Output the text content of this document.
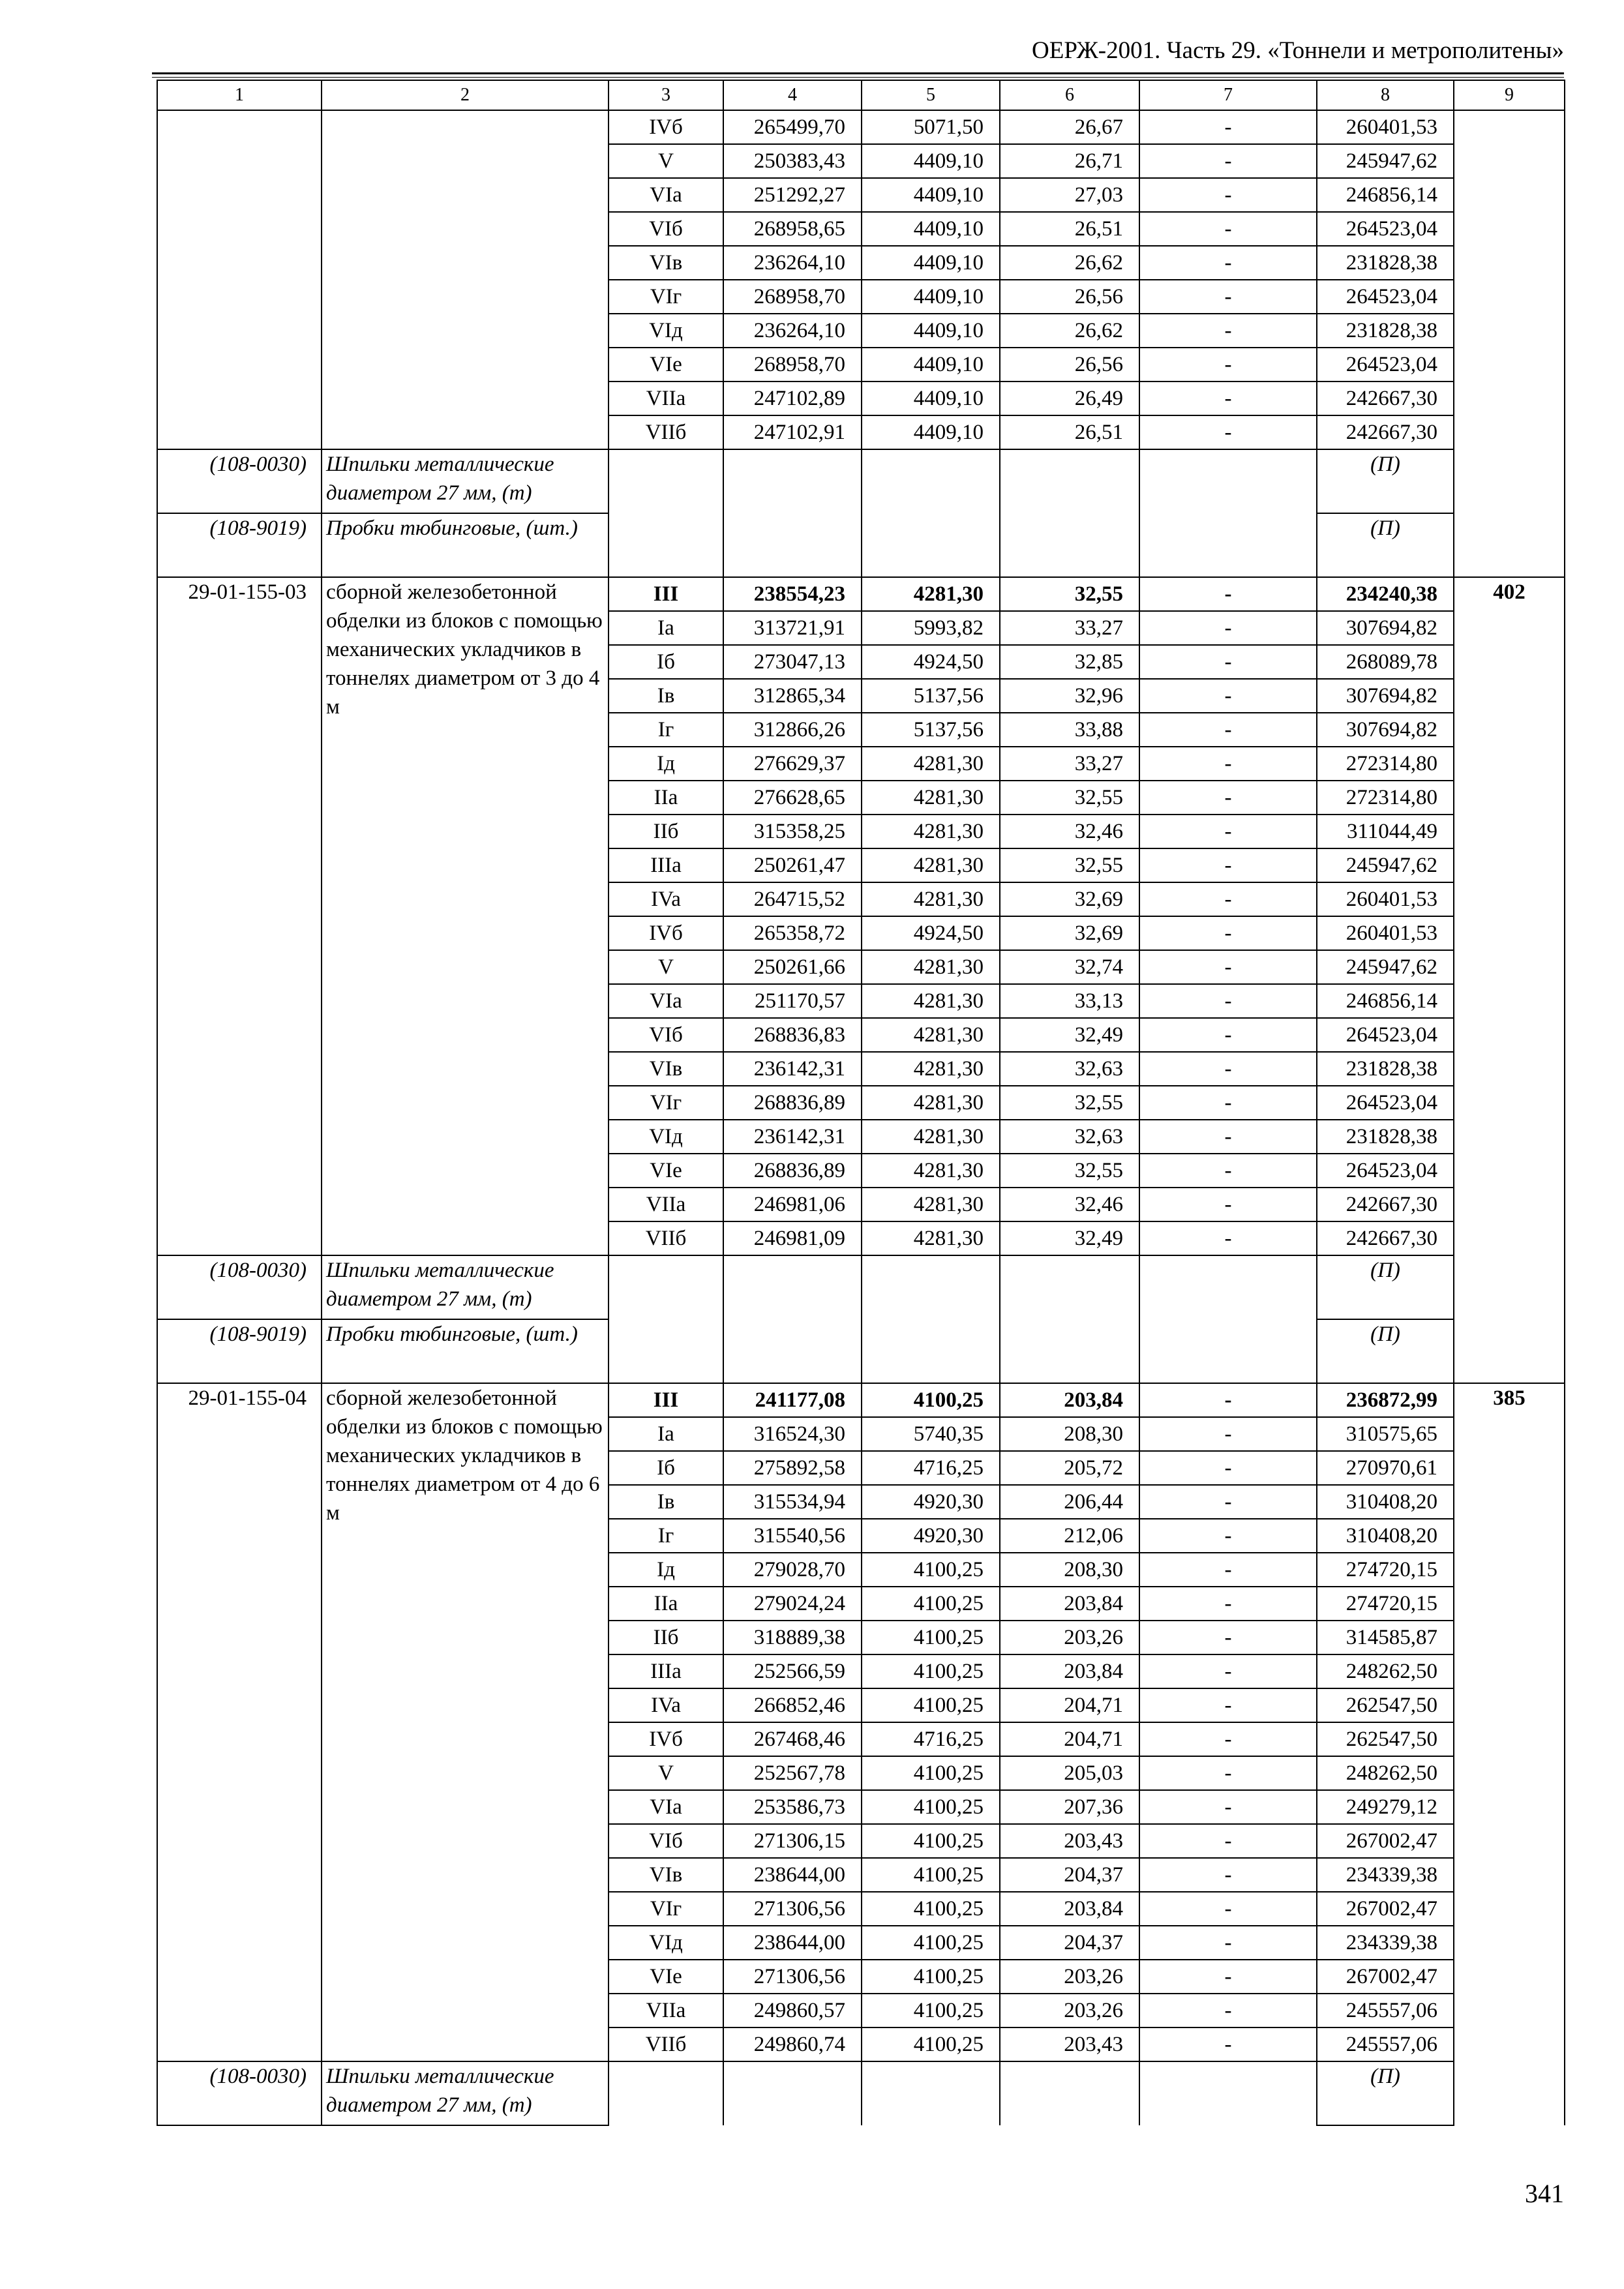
ОЕРЖ-2001. Часть 29. «Тоннели и метрополитены»
1	2	3	4	5	6	7	8	9
		IVб	265499,70	5071,50	26,67	-	260401,53	
		V	250383,43	4409,10	26,71	-	245947,62	
		VIa	251292,27	4409,10	27,03	-	246856,14	
		VIб	268958,65	4409,10	26,51	-	264523,04	
		VIв	236264,10	4409,10	26,62	-	231828,38	
		VIг	268958,70	4409,10	26,56	-	264523,04	
		VIд	236264,10	4409,10	26,62	-	231828,38	
		VIе	268958,70	4409,10	26,56	-	264523,04	
		VIIа	247102,89	4409,10	26,49	-	242667,30	
		VIIб	247102,91	4409,10	26,51	-	242667,30	
(108-0030)	Шпильки металлические диаметром 27 мм, (т)						(П)	
(108-9019)	Пробки тюбинговые, (шт.)						(П)	
29-01-155-03	сборной железобетонной обделки из блоков с помощью механических укладчиков в тоннелях диаметром от 3 до 4 м	III	238554,23	4281,30	32,55	-	234240,38	402
		Ia	313721,91	5993,82	33,27	-	307694,82	
		Iб	273047,13	4924,50	32,85	-	268089,78	
		Iв	312865,34	5137,56	32,96	-	307694,82	
		Iг	312866,26	5137,56	33,88	-	307694,82	
		Iд	276629,37	4281,30	33,27	-	272314,80	
		IIa	276628,65	4281,30	32,55	-	272314,80	
		IIб	315358,25	4281,30	32,46	-	311044,49	
		IIIa	250261,47	4281,30	32,55	-	245947,62	
		IVa	264715,52	4281,30	32,69	-	260401,53	
		IVб	265358,72	4924,50	32,69	-	260401,53	
		V	250261,66	4281,30	32,74	-	245947,62	
		VIa	251170,57	4281,30	33,13	-	246856,14	
		VIб	268836,83	4281,30	32,49	-	264523,04	
		VIв	236142,31	4281,30	32,63	-	231828,38	
		VIг	268836,89	4281,30	32,55	-	264523,04	
		VIд	236142,31	4281,30	32,63	-	231828,38	
		VIе	268836,89	4281,30	32,55	-	264523,04	
		VIIа	246981,06	4281,30	32,46	-	242667,30	
		VIIб	246981,09	4281,30	32,49	-	242667,30	
(108-0030)	Шпильки металлические диаметром 27 мм, (т)						(П)	
(108-9019)	Пробки тюбинговые, (шт.)						(П)	
29-01-155-04	сборной железобетонной обделки из блоков с помощью механических укладчиков в тоннелях диаметром от 4 до 6 м	III	241177,08	4100,25	203,84	-	236872,99	385
		Ia	316524,30	5740,35	208,30	-	310575,65	
		Iб	275892,58	4716,25	205,72	-	270970,61	
		Iв	315534,94	4920,30	206,44	-	310408,20	
		Iг	315540,56	4920,30	212,06	-	310408,20	
		Iд	279028,70	4100,25	208,30	-	274720,15	
		IIa	279024,24	4100,25	203,84	-	274720,15	
		IIб	318889,38	4100,25	203,26	-	314585,87	
		IIIa	252566,59	4100,25	203,84	-	248262,50	
		IVa	266852,46	4100,25	204,71	-	262547,50	
		IVб	267468,46	4716,25	204,71	-	262547,50	
		V	252567,78	4100,25	205,03	-	248262,50	
		VIa	253586,73	4100,25	207,36	-	249279,12	
		VIб	271306,15	4100,25	203,43	-	267002,47	
		VIв	238644,00	4100,25	204,37	-	234339,38	
		VIг	271306,56	4100,25	203,84	-	267002,47	
		VIд	238644,00	4100,25	204,37	-	234339,38	
		VIе	271306,56	4100,25	203,26	-	267002,47	
		VIIа	249860,57	4100,25	203,26	-	245557,06	
		VIIб	249860,74	4100,25	203,43	-	245557,06	
(108-0030)	Шпильки металлические диаметром 27 мм, (т)						(П)	
341
